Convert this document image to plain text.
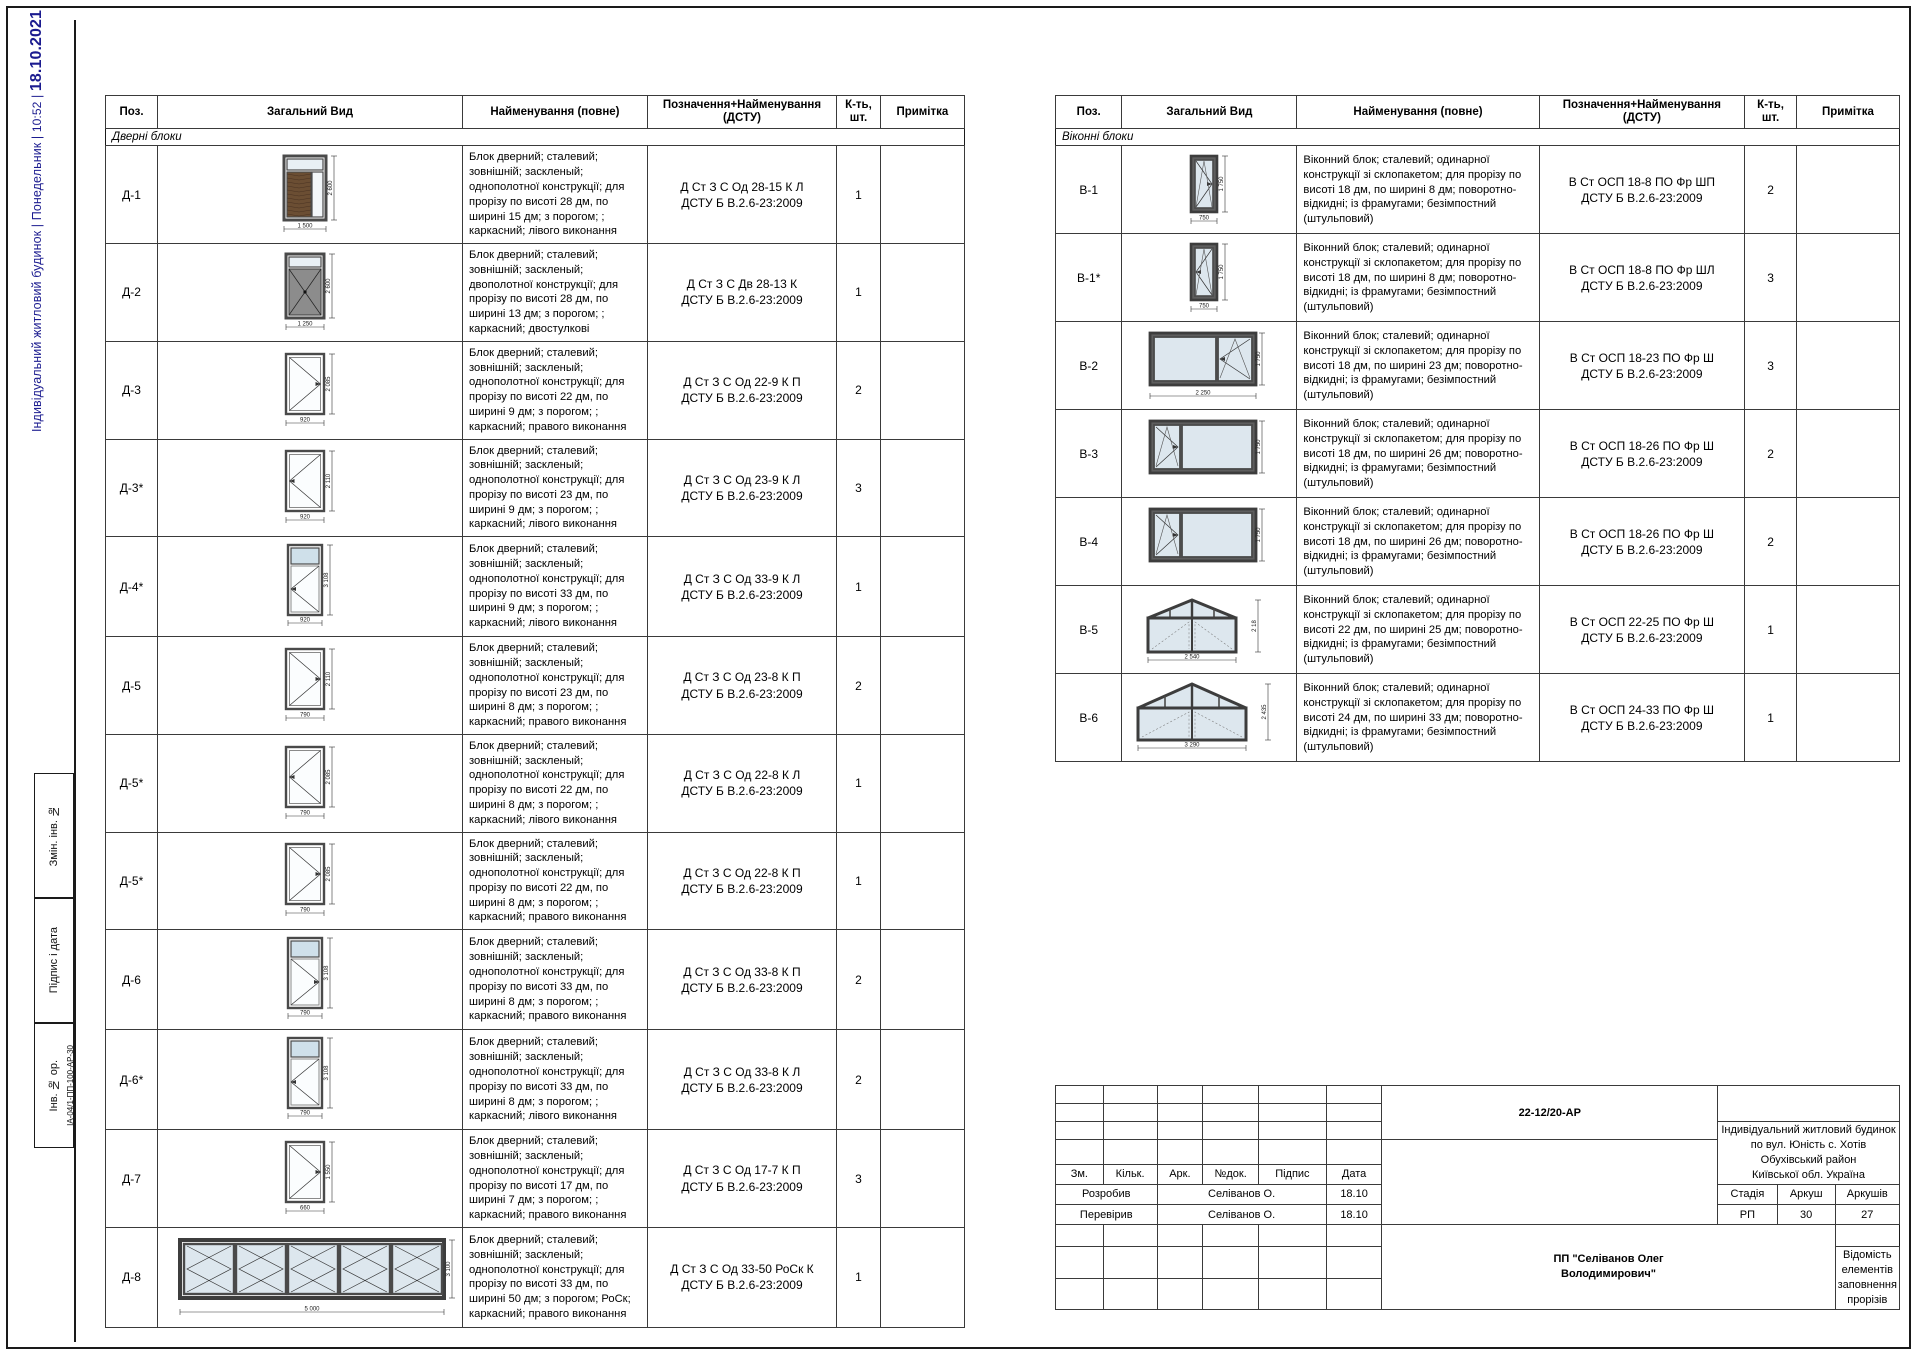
Індивідуальний житловий будинок | Понедельник | 10:52 | 18.10.2021
Змін. інв. №
Підпис і дата
Інв. № ор. IA-04/1-ПП-100-АР-30
Поз.	Загальний Вид	Найменування (повне)	Позначення+Найменування
(ДСТУ)	К-ть,
шт.	Примітка
Дверні блоки					
Д-1	2 600
1 500
	Блок дверний; сталевий; зовнішній; заскленый; однополотної конструкції; для прорізу по висоті 28 дм, по ширині 15 дм; з порогом; ; каркасний; лівого виконання	
Д Ст З С Од 28-15 К Л
ДСТУ Б В.2.6-23:2009
	1	
Д-2	2 600
1 250
	Блок дверний; сталевий; зовнішній; заскленый; двополотної конструкції; для прорізу по висоті 28 дм, по ширині 13 дм; з порогом; ; каркасний; двостулкові	
Д Ст З С Дв 28-13 К
ДСТУ Б В.2.6-23:2009
	1	
Д-3	2 085
920
	Блок дверний; сталевий; зовнішній; заскленый; однополотної конструкції; для прорізу по висоті 22 дм, по ширині 9 дм; з порогом; ; каркасний; правого виконання	
Д Ст З С Од 22-9 К П
ДСТУ Б В.2.6-23:2009
	2	
Д-3*	2 110
920
	Блок дверний; сталевий; зовнішній; заскленый; однополотної конструкції; для прорізу по висоті 23 дм, по ширині 9 дм; з порогом; ; каркасний; лівого виконання	
Д Ст З С Од 23-9 К Л
ДСТУ Б В.2.6-23:2009
	3	
Д-4*	3 108
920
	Блок дверний; сталевий; зовнішній; заскленый; однополотної конструкції; для прорізу по висоті 33 дм, по ширині 9 дм; з порогом; ; каркасний; лівого виконання	
Д Ст З С Од 33-9 К Л
ДСТУ Б В.2.6-23:2009
	1	
Д-5	2 110
790
	Блок дверний; сталевий; зовнішній; заскленый; однополотної конструкції; для прорізу по висоті 23 дм, по ширині 8 дм; з порогом; ; каркасний; правого виконання	
Д Ст З С Од 23-8 К П
ДСТУ Б В.2.6-23:2009
	2	
Д-5*	2 085
790
	Блок дверний; сталевий; зовнішній; заскленый; однополотної конструкції; для прорізу по висоті 22 дм, по ширині 8 дм; з порогом; ; каркасний; лівого виконання	
Д Ст З С Од 22-8 К Л
ДСТУ Б В.2.6-23:2009
	1	
Д-5*	2 085
790
	Блок дверний; сталевий; зовнішній; заскленый; однополотної конструкції; для прорізу по висоті 22 дм, по ширині 8 дм; з порогом; ; каркасний; правого виконання	
Д Ст З С Од 22-8 К П
ДСТУ Б В.2.6-23:2009
	1	
Д-6	3 108
790
	Блок дверний; сталевий; зовнішній; заскленый; однополотної конструкції; для прорізу по висоті 33 дм, по ширині 8 дм; з порогом; ; каркасний; правого виконання	
Д Ст З С Од 33-8 К П
ДСТУ Б В.2.6-23:2009
	2	
Д-6*	3 108
790
	Блок дверний; сталевий; зовнішній; заскленый; однополотної конструкції; для прорізу по висоті 33 дм, по ширині 8 дм; з порогом; ; каркасний; лівого виконання	
Д Ст З С Од 33-8 К Л
ДСТУ Б В.2.6-23:2009
	2	
Д-7	1 550
660
	Блок дверний; сталевий; зовнішній; заскленый; однополотної конструкції; для прорізу по висоті 17 дм, по ширині 7 дм; з порогом; ; каркасний; правого виконання	
Д Ст З С Од 17-7 К П
ДСТУ Б В.2.6-23:2009
	3	
Д-8	
3 100
5 000
	Блок дверний; сталевий; зовнішній; заскленый; однополотної конструкції; для прорізу по висоті 33 дм, по ширині 50 дм; з порогом; РоСк; каркасний; правого виконання	
Д Ст З С Од 33-50 РоСк К
ДСТУ Б В.2.6-23:2009
	1	
Поз.	Загальний Вид	Найменування (повне)	Позначення+Найменування
(ДСТУ)	К-ть,
шт.	Примітка
Вiконні блоки					
В-1	1 750
750
	Віконний блок; сталевий; одинарної конструкції зі склопакетом; для прорізу по висоті 18 дм, по ширині 8 дм; поворотно-відкидні; із фрамугами; безімпостний (штульповий)	
В Ст ОСП 18-8 ПО Фр ШП
ДСТУ Б В.2.6-23:2009
	2	
В-1*	1 750
750
	Віконний блок; сталевий; одинарної конструкції зі склопакетом; для прорізу по висоті 18 дм, по ширині 8 дм; поворотно-відкидні; із фрамугами; безімпостний (штульповий)	
В Ст ОСП 18-8 ПО Фр ШЛ
ДСТУ Б В.2.6-23:2009
	3	
В-2	1 750
2 250
	Віконний блок; сталевий; одинарної конструкції зі склопакетом; для прорізу по висоті 18 дм, по ширині 23 дм; поворотно-відкидні; із фрамугами; безімпостний (штульповий)	
В Ст ОСП 18-23 ПО Фр Ш
ДСТУ Б В.2.6-23:2009
	3	
В-3	1 750	Віконний блок; сталевий; одинарної конструкції зі склопакетом; для прорізу по висоті 18 дм, по ширині 26 дм; поворотно-відкидні; із фрамугами; безімпостний (штульповий)	В Ст ОСП 18-26 ПО Фр Ш
ДСТУ Б В.2.6-23:2009	2	
В-4	1 750	Віконний блок; сталевий; одинарної конструкції зі склопакетом; для прорізу по висоті 18 дм, по ширині 26 дм; поворотно-відкидні; із фрамугами; безімпостний (штульповий)	В Ст ОСП 18-26 ПО Фр Ш
ДСТУ Б В.2.6-23:2009	2	
В-5	2 18
2 540
	Віконний блок; сталевий; одинарної конструкції зі склопакетом; для прорізу по висоті 22 дм, по ширині 25 дм; поворотно-відкидні; із фрамугами; безімпостний (штульповий)	
В Ст ОСП 22-25 ПО Фр Ш
ДСТУ Б В.2.6-23:2009
	1	
В-6	2 435
3 290
	Віконний блок; сталевий; одинарної конструкції зі склопакетом; для прорізу по висоті 24 дм, по ширині 33 дм; поворотно-відкидні; із фрамугами; безімпостний (штульповий)	
В Ст ОСП 24-33 ПО Фр Ш
ДСТУ Б В.2.6-23:2009
	1	
						22-12/20-АР			

							Індивідуальний житловий будинок по вул. Юність с. Хотів Обухівський район
Київської обл. Україна		

Зм.	Кільк.	Арк.	№док.	Підпис	Дата				
Розробив		Селіванов О.			18.10		Стадія	Аркуш	Аркушів
Перевірив		Селіванов О.			18.10		РП	30	27

						ПП "Селіванов Олег
Володимирович"			

									Відомість елементів заповнення прорізів
